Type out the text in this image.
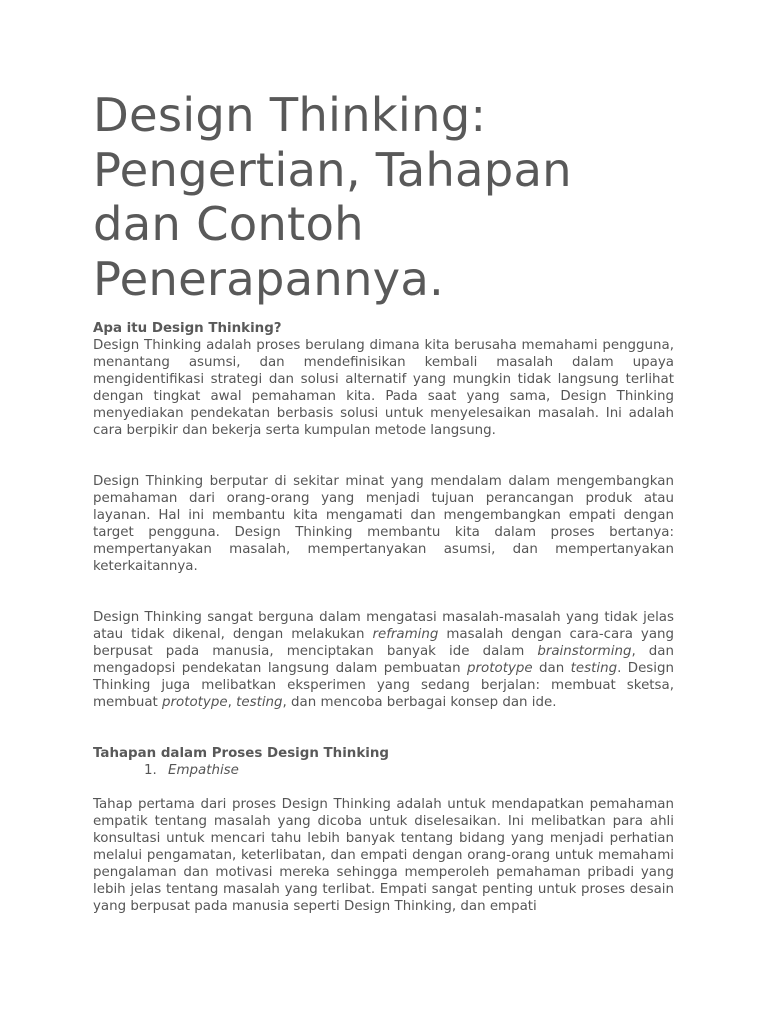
Design Thinking:
Pengertian, Tahapan
dan Contoh
Penerapannya.

Apa itu Design Thinking?

Design Thinking adalah proses berulang dimana kita berusaha memahami pengguna, menantang asumsi, dan mendefinisikan kembali masalah dalam upaya mengidentifikasi strategi dan solusi alternatif yang mungkin tidak langsung terlihat dengan tingkat awal pemahaman kita. Pada saat yang sama, Design Thinking menyediakan pendekatan berbasis solusi untuk menyelesaikan masalah. Ini adalah cara berpikir dan bekerja serta kumpulan metode langsung.

Design Thinking berputar di sekitar minat yang mendalam dalam mengembangkan pemahaman dari orang-orang yang menjadi tujuan perancangan produk atau layanan. Hal ini membantu kita mengamati dan mengembangkan empati dengan target pengguna. Design Thinking membantu kita dalam proses bertanya: mempertanyakan masalah, mempertanyakan asumsi, dan mempertanyakan keterkaitannya.

Design Thinking sangat berguna dalam mengatasi masalah-masalah yang tidak jelas atau tidak dikenal, dengan melakukan reframing masalah dengan cara-cara yang berpusat pada manusia, menciptakan banyak ide dalam brainstorming, dan mengadopsi pendekatan langsung dalam pembuatan prototype dan testing. Design Thinking juga melibatkan eksperimen yang sedang berjalan: membuat sketsa, membuat prototype, testing, dan mencoba berbagai konsep dan ide.

Tahapan dalam Proses Design Thinking

1. Empathise

Tahap pertama dari proses Design Thinking adalah untuk mendapatkan pemahaman empatik tentang masalah yang dicoba untuk diselesaikan. Ini melibatkan para ahli konsultasi untuk mencari tahu lebih banyak tentang bidang yang menjadi perhatian melalui pengamatan, keterlibatan, dan empati dengan orang-orang untuk memahami pengalaman dan motivasi mereka sehingga memperoleh pemahaman pribadi yang lebih jelas tentang masalah yang terlibat. Empati sangat penting untuk proses desain yang berpusat pada manusia seperti Design Thinking, dan empati
